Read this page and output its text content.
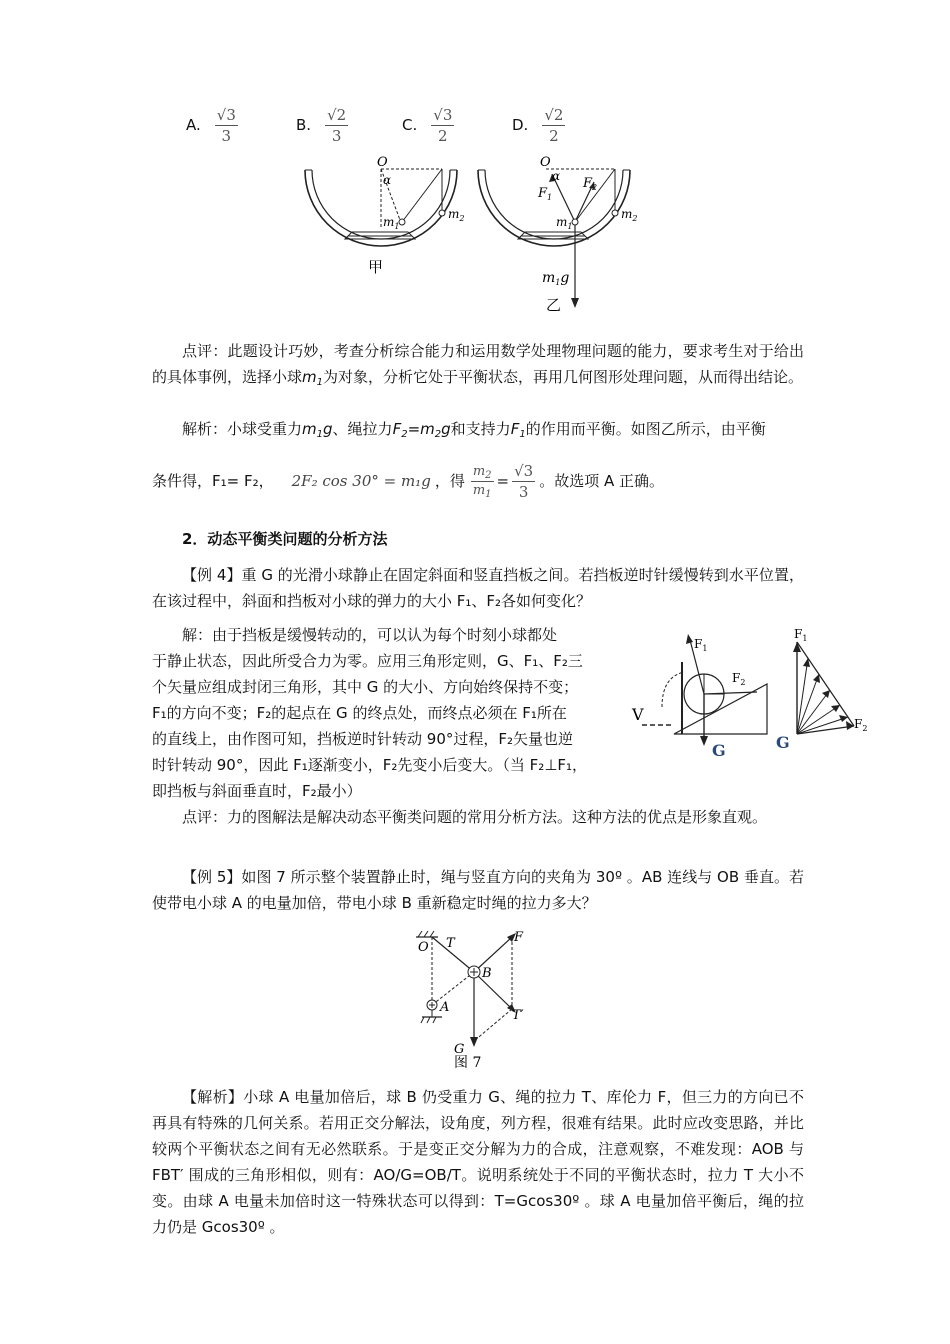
A. $\frac{√3}{3}$	B. $\frac{√2}{3}$	C. $\frac{√3}{2}$	D. $\frac{√2}{2}$
O
α
$m_1$
$m_2$
甲
O
α
$F_1$
$F_2$
$m_1$
$m_2$
$m_1g$
乙
点评：此题设计巧妙，考查分析综合能力和运用数学处理物理问题的能力，要求考生对于给出的具体事例，选择小球$m_1$为对象，分析它处于平衡状态，再用几何图形处理问题，从而得出结论。
解析：小球受重力$m_1g$、绳拉力$F_2=m_2g$和支持力$F_1$的作用而平衡。如图乙所示，由平衡
条件得， F₁= F₂， 2F₂ cos 30° = m₁g ，得 $\frac{m_2}{m_1} = \frac{√3}{3}$ 。故选项 A 正确。
2．动态平衡类问题的分析方法
【例 4】重 G 的光滑小球静止在固定斜面和竖直挡板之间。若挡板逆时针缓慢转到水平位置，在该过程中，斜面和挡板对小球的弹力的大小 F₁、F₂各如何变化？
解：由于挡板是缓慢转动的，可以认为每个时刻小球都处
于静止状态，因此所受合力为零。应用三角形定则，G、F₁、F₂三
个矢量应组成封闭三角形，其中 G 的大小、方向始终保持不变；
F₁的方向不变；F₂的起点在 G 的终点处，而终点必须在 F₁所在
的直线上，由作图可知，挡板逆时针转动 90°过程，F₂矢量也逆
时针转动 90°，因此 F₁逐渐变小，F₂先变小后变大。（当 F₂⊥F₁，
即挡板与斜面垂直时，F₂最小）
V
$F_1$
$F_2$
G
$F_1$
$F_2$
G
点评：力的图解法是解决动态平衡类问题的常用分析方法。这种方法的优点是形象直观。
【例 5】如图 7 所示整个装置静止时，绳与竖直方向的夹角为 30º 。AB 连线与 OB 垂直。若使带电小球 A 的电量加倍，带电小球 B 重新稳定时绳的拉力多大？
O T	F
B
A
T′
G
图 7
【解析】小球 A 电量加倍后，球 B 仍受重力 G、绳的拉力 T、库伦力 F，但三力的方向已不再具有特殊的几何关系。若用正交分解法，设角度，列方程，很难有结果。此时应改变思路，并比较两个平衡状态之间有无必然联系。于是变正交分解为力的合成，注意观察，不难发现：AOB 与 FBT′ 围成的三角形相似，则有：AO/G=OB/T。说明系统处于不同的平衡状态时，拉力 T 大小不变。由球 A 电量未加倍时这一特殊状态可以得到：T=Gcos30º 。球 A 电量加倍平衡后，绳的拉力仍是 Gcos30º 。
